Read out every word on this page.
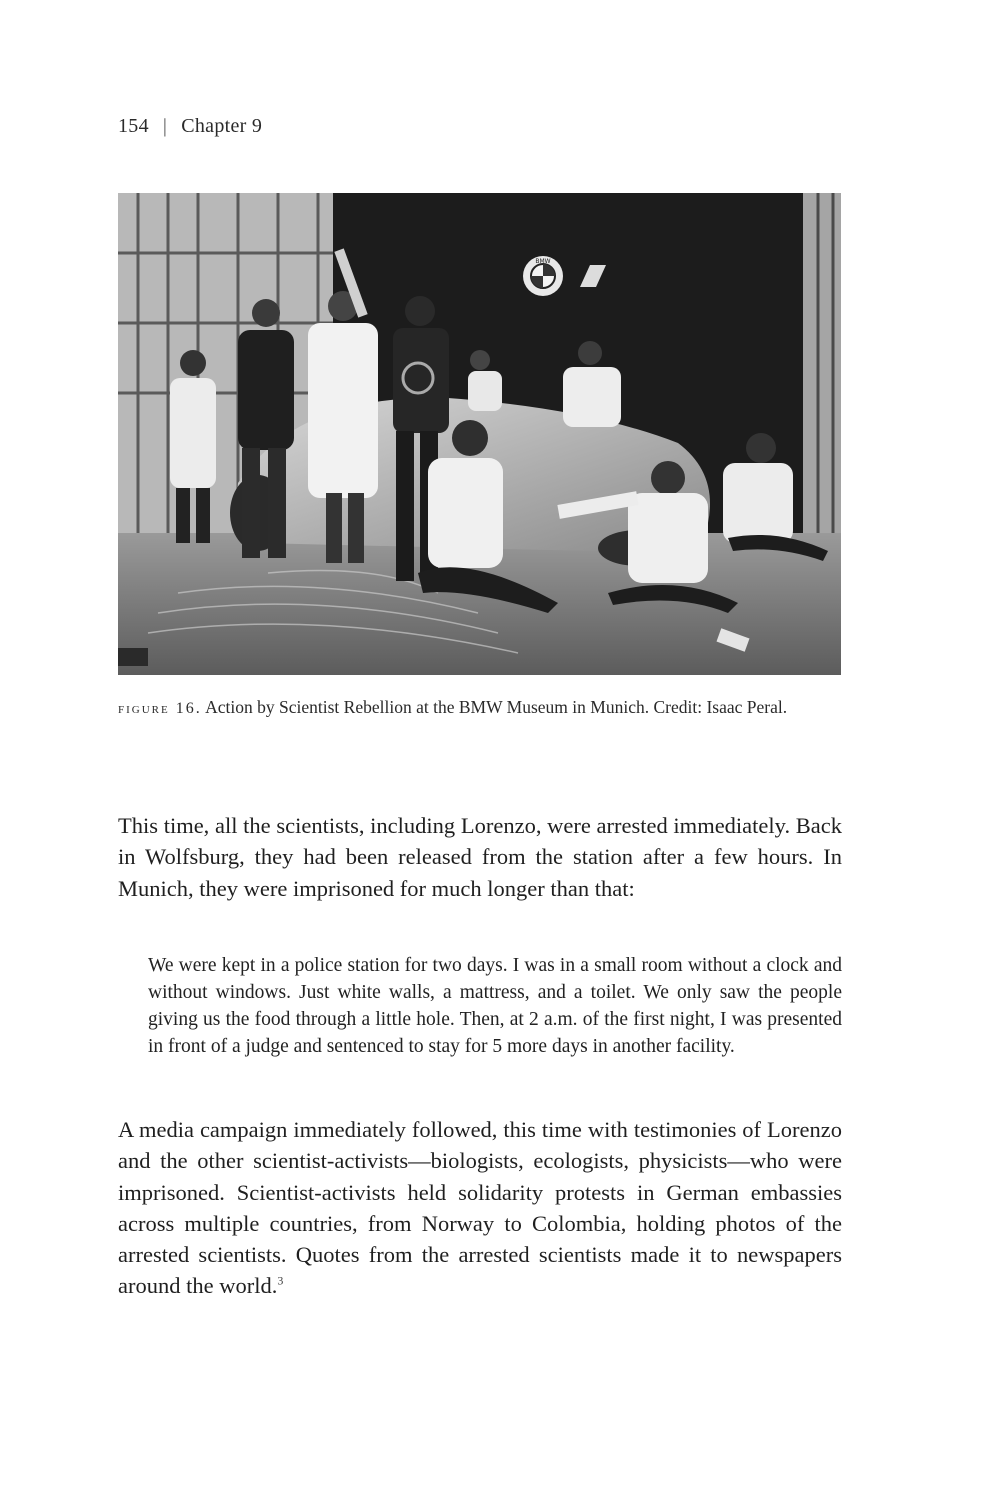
154 | Chapter 9
BMW
figure 16. Action by Scientist Rebellion at the BMW Museum in Munich. Credit: Isaac Peral.

This time, all the scientists, including Lorenzo, were arrested immediately. Back in Wolfsburg, they had been released from the station after a few hours. In Munich, they were imprisoned for much longer than that:

We were kept in a police station for two days. I was in a small room without a clock and without windows. Just white walls, a mattress, and a toilet. We only saw the people giving us the food through a little hole. Then, at 2 a.m. of the first night, I was presented in front of a judge and sentenced to stay for 5 more days in another facility.

A media campaign immediately followed, this time with testimonies of Lorenzo and the other scientist-activists—biologists, ecologists, physicists—who were imprisoned. Scientist-activists held solidarity protests in German embassies across multiple countries, from Norway to Colombia, holding photos of the arrested scientists. Quotes from the arrested scientists made it to newspapers around the world.$^3$
